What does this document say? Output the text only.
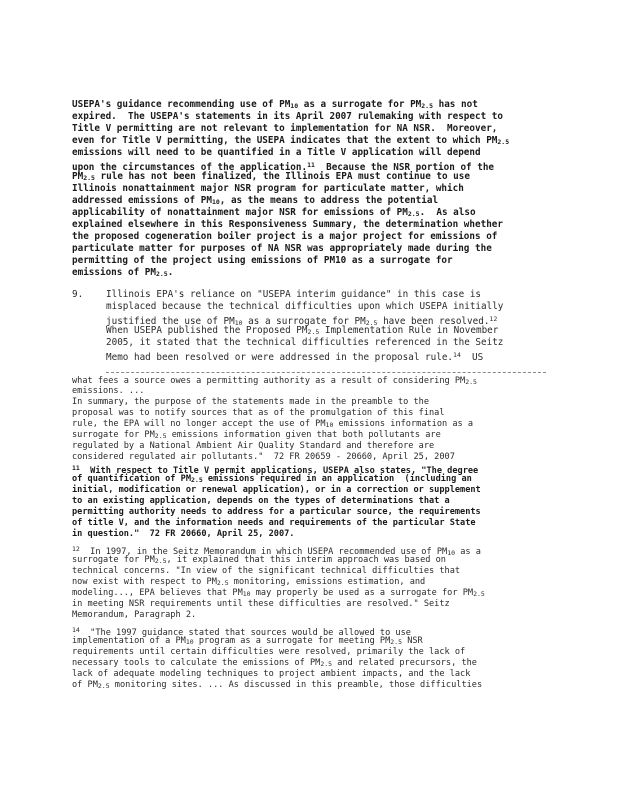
USEPA's guidance recommending use of $PM_{10}$ as a surrogate for $PM_{2.5}$ has not
expired.  The USEPA's statements in its April 2007 rulemaking with respect to
Title V permitting are not relevant to implementation for NA NSR.  Moreover,
even for Title V permitting, the USEPA indicates that the extent to which $PM_{2.5}$
emissions will need to be quantified in a Title V application will depend
upon the circumstances of the application.$^{11}$  Because the NSR portion of the
$PM_{2.5}$ rule has not been finalized, the Illinois EPA must continue to use
Illinois nonattainment major NSR program for particulate matter, which
addressed emissions of $PM_{10}$, as the means to address the potential
applicability of nonattainment major NSR for emissions of $PM_{2.5}$.  As also
explained elsewhere in this Responsiveness Summary, the determination whether
the proposed cogeneration boiler project is a major project for emissions of
particulate matter for purposes of NA NSR was appropriately made during the
permitting of the project using emissions of PM10 as a surrogate for
emissions of $PM_{2.5}$.
9. Illinois EPA's reliance on "USEPA interim guidance" in this case is
misplaced because the technical difficulties upon which USEPA initially
justified the use of $PM_{10}$ as a surrogate for $PM_{2.5}$ have been resolved.$^{12}$
When USEPA published the Proposed $PM_{2.5}$ Implementation Rule in November
2005, it stated that the technical difficulties referenced in the Seitz
Memo had been resolved or were addressed in the proposal rule.$^{14}$  US
what fees a source owes a permitting authority as a result of considering $PM_{2.5}$
emissions. ...
In summary, the purpose of the statements made in the preamble to the
proposal was to notify sources that as of the promulgation of this final
rule, the EPA will no longer accept the use of $PM_{10}$ emissions information as a
surrogate for $PM_{2.5}$ emissions information given that both pollutants are
regulated by a National Ambient Air Quality Standard and therefore are
considered regulated air pollutants."  72 FR 20659 - 20660, April 25, 2007
$^{11}$  With respect to Title V permit applications, USEPA also states, "The degree
of quantification of $PM_{2.5}$ emissions required in an application  (including an
initial, modification or renewal application), or in a correction or supplement
to an existing application, depends on the types of determinations that a
permitting authority needs to address for a particular source, the requirements
of title V, and the information needs and requirements of the particular State
in question."  72 FR 20660, April 25, 2007.
$^{12}$  In 1997, in the Seitz Memorandum in which USEPA recommended use of $PM_{10}$ as a
surrogate for $PM_{2.5}$, it explained that this interim approach was based on
technical concerns. "In view of the significant technical difficulties that
now exist with respect to $PM_{2.5}$ monitoring, emissions estimation, and
modeling..., EPA believes that $PM_{10}$ may properly be used as a surrogate for $PM_{2.5}$
in meeting NSR requirements until these difficulties are resolved." Seitz
Memorandum, Paragraph 2.
$^{14}$  "The 1997 guidance stated that sources would be allowed to use
implementation of a $PM_{10}$ program as a surrogate for meeting $PM_{2.5}$ NSR
requirements until certain difficulties were resolved, primarily the lack of
necessary tools to calculate the emissions of $PM_{2.5}$ and related precursors, the
lack of adequate modeling techniques to project ambient impacts, and the lack
of $PM_{2.5}$ monitoring sites. ... As discussed in this preamble, those difficulties
